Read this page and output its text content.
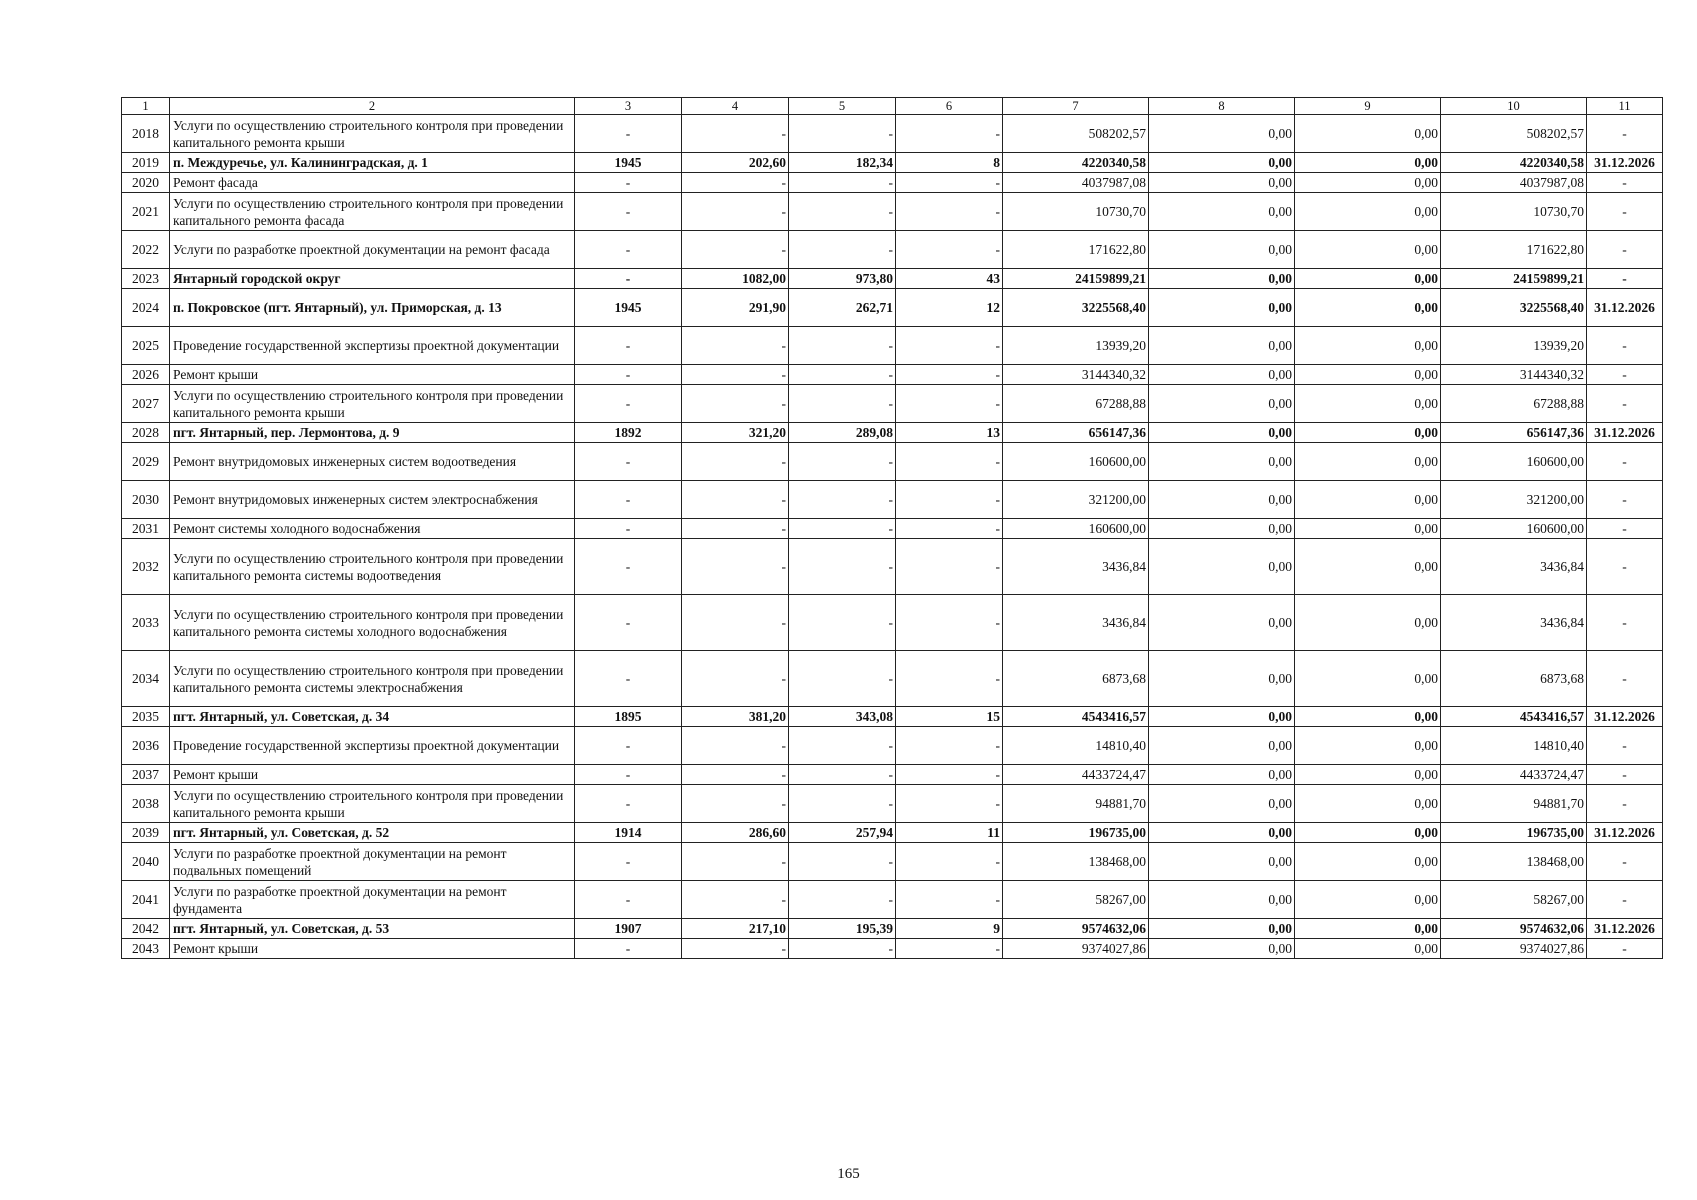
1	2	3	4	5	6	7	8	9	10	11
2018	Услуги по осуществлению строительного контроля при проведении капитального ремонта крыши	-	-	-	-	508202,57	0,00	0,00	508202,57	-
2019	п. Междуречье, ул. Калининградская, д. 1	1945	202,60	182,34	8	4220340,58	0,00	0,00	4220340,58	31.12.2026
2020	Ремонт фасада	-	-	-	-	4037987,08	0,00	0,00	4037987,08	-
2021	Услуги по осуществлению строительного контроля при проведении капитального ремонта фасада	-	-	-	-	10730,70	0,00	0,00	10730,70	-
2022	Услуги по разработке проектной документации на ремонт фасада	-	-	-	-	171622,80	0,00	0,00	171622,80	-
2023	Янтарный городской округ	-	1082,00	973,80	43	24159899,21	0,00	0,00	24159899,21	-
2024	п. Покровское (пгт. Янтарный), ул. Приморская, д. 13	1945	291,90	262,71	12	3225568,40	0,00	0,00	3225568,40	31.12.2026
2025	Проведение государственной экспертизы проектной документации	-	-	-	-	13939,20	0,00	0,00	13939,20	-
2026	Ремонт крыши	-	-	-	-	3144340,32	0,00	0,00	3144340,32	-
2027	Услуги по осуществлению строительного контроля при проведении капитального ремонта крыши	-	-	-	-	67288,88	0,00	0,00	67288,88	-
2028	пгт. Янтарный, пер. Лермонтова, д. 9	1892	321,20	289,08	13	656147,36	0,00	0,00	656147,36	31.12.2026
2029	Ремонт внутридомовых инженерных систем водоотведения	-	-	-	-	160600,00	0,00	0,00	160600,00	-
2030	Ремонт внутридомовых инженерных систем электроснабжения	-	-	-	-	321200,00	0,00	0,00	321200,00	-
2031	Ремонт системы холодного водоснабжения	-	-	-	-	160600,00	0,00	0,00	160600,00	-
2032	Услуги по осуществлению строительного контроля при проведении капитального ремонта системы водоотведения	-	-	-	-	3436,84	0,00	0,00	3436,84	-
2033	Услуги по осуществлению строительного контроля при проведении капитального ремонта системы холодного водоснабжения	-	-	-	-	3436,84	0,00	0,00	3436,84	-
2034	Услуги по осуществлению строительного контроля при проведении капитального ремонта системы электроснабжения	-	-	-	-	6873,68	0,00	0,00	6873,68	-
2035	пгт. Янтарный, ул. Советская, д. 34	1895	381,20	343,08	15	4543416,57	0,00	0,00	4543416,57	31.12.2026
2036	Проведение государственной экспертизы проектной документации	-	-	-	-	14810,40	0,00	0,00	14810,40	-
2037	Ремонт крыши	-	-	-	-	4433724,47	0,00	0,00	4433724,47	-
2038	Услуги по осуществлению строительного контроля при проведении капитального ремонта крыши	-	-	-	-	94881,70	0,00	0,00	94881,70	-
2039	пгт. Янтарный, ул. Советская, д. 52	1914	286,60	257,94	11	196735,00	0,00	0,00	196735,00	31.12.2026
2040	Услуги по разработке проектной документации на ремонт подвальных помещений	-	-	-	-	138468,00	0,00	0,00	138468,00	-
2041	Услуги по разработке проектной документации на ремонт фундамента	-	-	-	-	58267,00	0,00	0,00	58267,00	-
2042	пгт. Янтарный, ул. Советская, д. 53	1907	217,10	195,39	9	9574632,06	0,00	0,00	9574632,06	31.12.2026
2043	Ремонт крыши	-	-	-	-	9374027,86	0,00	0,00	9374027,86	-
165
